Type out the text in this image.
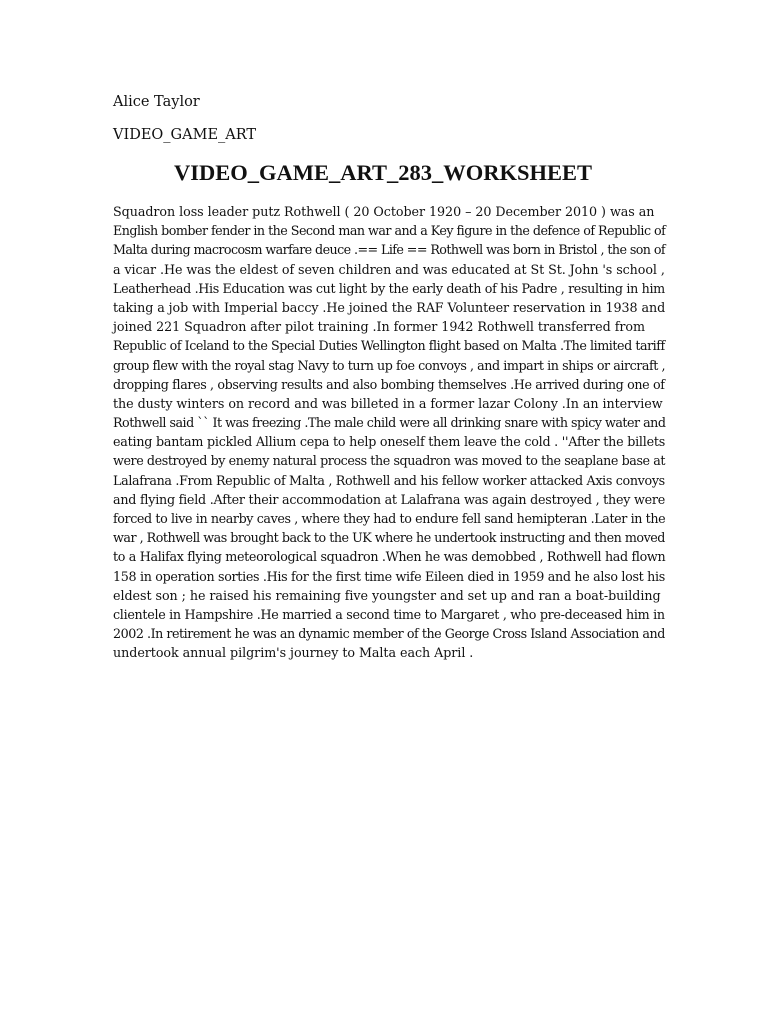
Alice Taylor
VIDEO_GAME_ART
VIDEO_GAME_ART_283_WORKSHEET
Squadron loss leader putz Rothwell ( 20 October 1920 – 20 December 2010 ) was an
English bomber fender in the Second man war and a Key figure in the defence of Republic of
Malta during macrocosm warfare deuce .== Life == Rothwell was born in Bristol , the son of
a vicar .He was the eldest of seven children and was educated at St St. John 's school ,
Leatherhead .His Education was cut light by the early death of his Padre , resulting in him
taking a job with Imperial baccy .He joined the RAF Volunteer reservation in 1938 and
joined 221 Squadron after pilot training .In former 1942 Rothwell transferred from
Republic of Iceland to the Special Duties Wellington flight based on Malta .The limited tariff
group flew with the royal stag Navy to turn up foe convoys , and impart in ships or aircraft ,
dropping flares , observing results and also bombing themselves .He arrived during one of
the dusty winters on record and was billeted in a former lazar Colony .In an interview
Rothwell said `` It was freezing .The male child were all drinking snare with spicy water and
eating bantam pickled Allium cepa to help oneself them leave the cold . ''After the billets
were destroyed by enemy natural process the squadron was moved to the seaplane base at
Lalafrana .From Republic of Malta , Rothwell and his fellow worker attacked Axis convoys
and flying field .After their accommodation at Lalafrana was again destroyed , they were
forced to live in nearby caves , where they had to endure fell sand hemipteran .Later in the
war , Rothwell was brought back to the UK where he undertook instructing and then moved
to a Halifax flying meteorological squadron .When he was demobbed , Rothwell had flown
158 in operation sorties .His for the first time wife Eileen died in 1959 and he also lost his
eldest son ; he raised his remaining five youngster and set up and ran a boat-building
clientele in Hampshire .He married a second time to Margaret , who pre-deceased him in
2002 .In retirement he was an dynamic member of the George Cross Island Association and
undertook annual pilgrim's journey to Malta each April .
